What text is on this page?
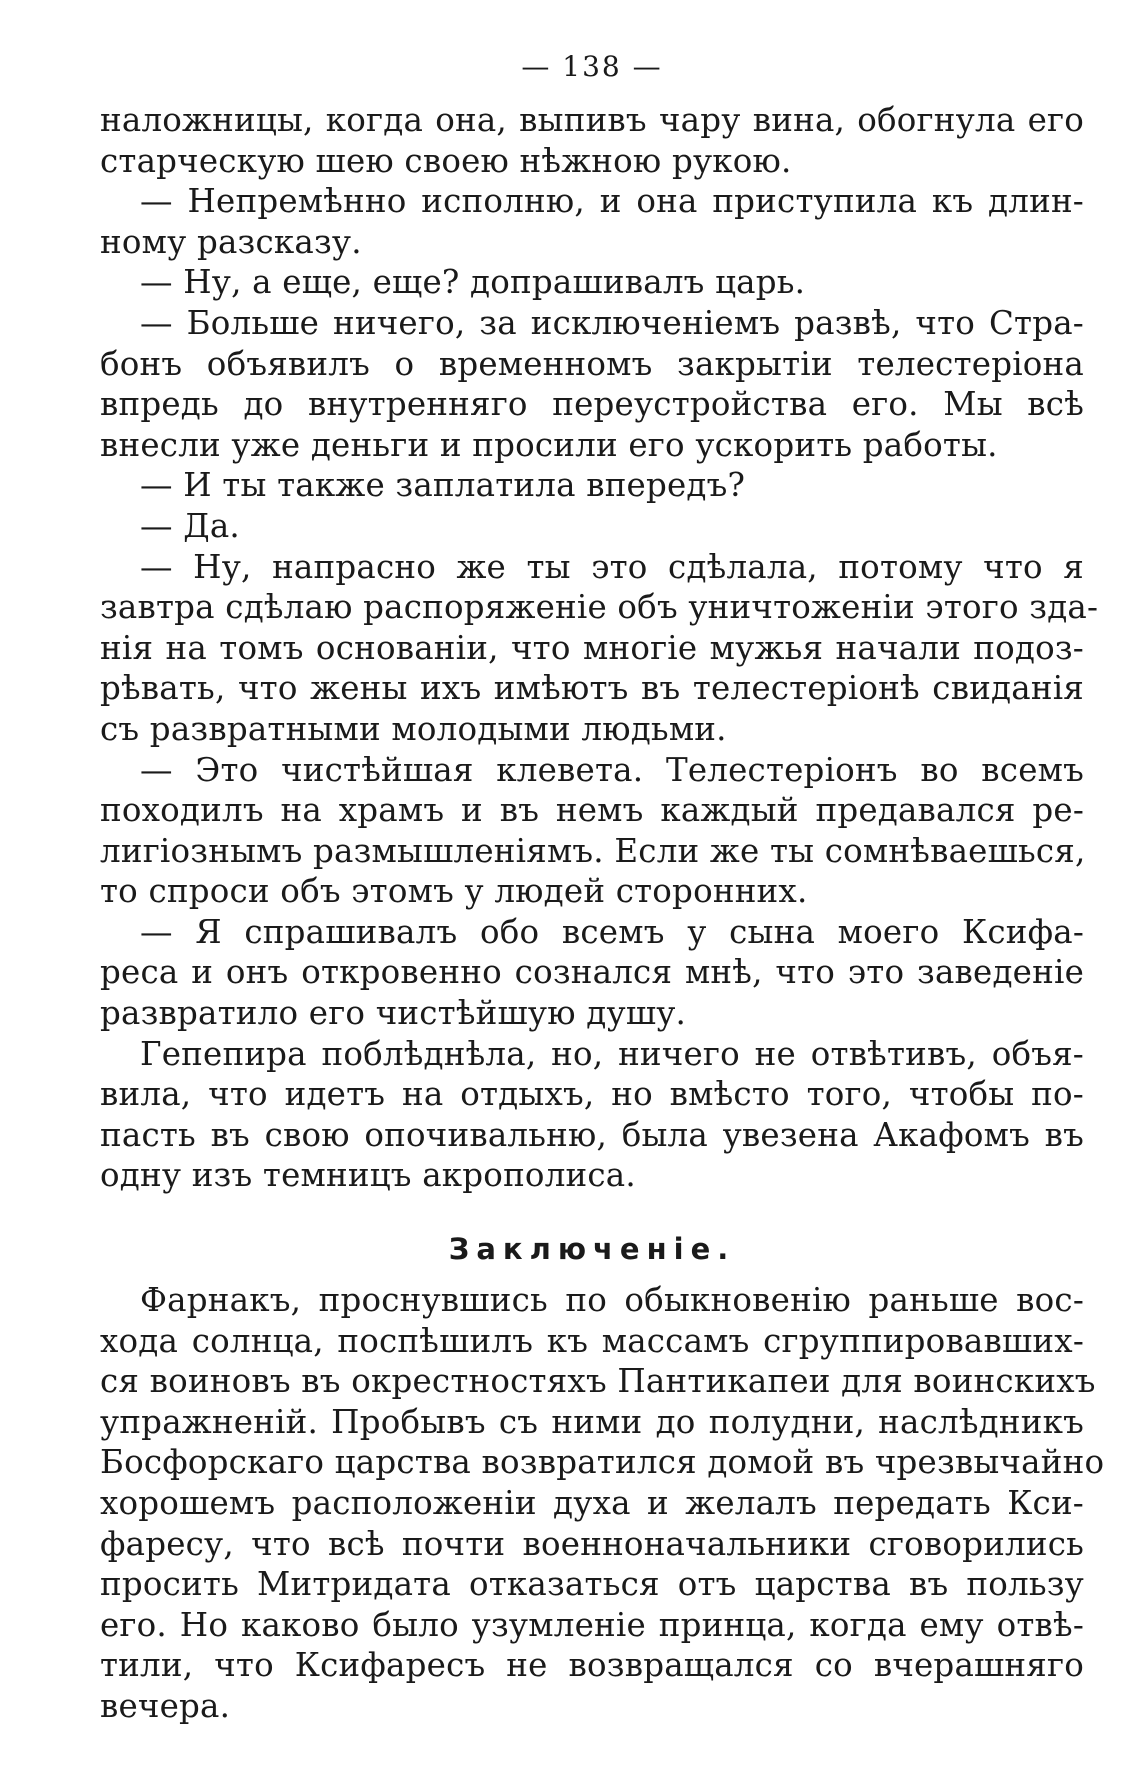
— 138 —
наложницы, когда она, выпивъ чару вина, обогнула его
старческую шею своею нѣжною рукою.
— Непремѣнно исполню, и она приступила къ длин-
ному разсказу.
— Ну, а еще, еще? допрашивалъ царь.
— Больше ничего, за исключеніемъ развѣ, что Стра-
бонъ объявилъ о временномъ закрытіи телестеріона
впредь до внутренняго переустройства его. Мы всѣ
внесли уже деньги и просили его ускорить работы.
— И ты также заплатила впередъ?
— Да.
— Ну, напрасно же ты это сдѣлала, потому что я
завтра сдѣлаю распоряженіе объ уничтоженіи этого зда-
нія на томъ основаніи, что многіе мужья начали подоз-
рѣвать, что жены ихъ имѣютъ въ телестеріонѣ свиданія
съ развратными молодыми людьми.
— Это чистѣйшая клевета. Телестеріонъ во всемъ
походилъ на храмъ и въ немъ каждый предавался ре-
лигіознымъ размышленіямъ. Если же ты сомнѣваешься,
то спроси объ этомъ у людей сторонних.
— Я спрашивалъ обо всемъ у сына моего Ксифа-
реса и онъ откровенно сознался мнѣ, что это заведеніе
развратило его чистѣйшую душу.
Гепепира поблѣднѣла, но, ничего не отвѣтивъ, объя-
вила, что идетъ на отдыхъ, но вмѣсто того, чтобы по-
пасть въ свою опочивальню, была увезена Акафомъ въ
одну изъ темницъ акрополиса.
Заключеніе.
Фарнакъ, проснувшись по обыкновенію раньше вос-
хода солнца, поспѣшилъ къ массамъ сгруппировавших-
ся воиновъ въ окрестностяхъ Пантикапеи для воинскихъ
упражненій. Пробывъ съ ними до полудни, наслѣдникъ
Босфорскаго царства возвратился домой въ чрезвычайно
хорошемъ расположеніи духа и желалъ передать Кси-
фаресу, что всѣ почти военноначальники сговорились
просить Митридата отказаться отъ царства въ пользу
его. Но каково было узумленіе принца, когда ему отвѣ-
тили, что Ксифаресъ не возвращался со вчерашняго
вечера.
